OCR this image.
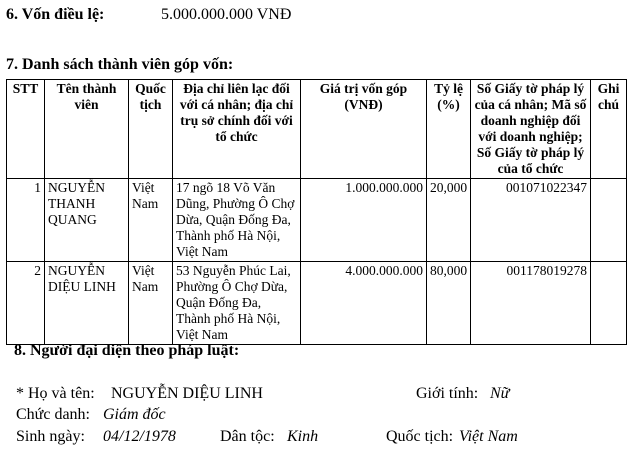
6. Vốn điều lệ:	5.000.000.000 VNĐ
7. Danh sách thành viên góp vốn:
STT	Tên thành viên	Quốc tịch	Địa chỉ liên lạc đối với cá nhân; địa chỉ trụ sở chính đối với tổ chức	Giá trị vốn góp (VNĐ)	Tỷ lệ (%)	Số Giấy tờ pháp lý của cá nhân; Mã số doanh nghiệp đối với doanh nghiệp; Số Giấy tờ pháp lý của tổ chức	Ghi chú
1	NGUYỄN THANH QUANG	Việt Nam	17 ngõ 18 Võ Văn Dũng, Phường Ô Chợ Dừa, Quận Đống Đa, Thành phố Hà Nội, Việt Nam	1.000.000.000	20,000	001071022347	
2	NGUYỄN DIỆU LINH	Việt Nam	53 Nguyễn Phúc Lai, Phường Ô Chợ Dừa, Quận Đống Đa, Thành phố Hà Nội, Việt Nam	4.000.000.000	80,000	001178019278	
8. Người đại diện theo pháp luật:
* Họ và tên: NGUYỄN DIỆU LINH	Giới tính: Nữ
Chức danh: Giám đốc
Sinh ngày: 04/12/1978	Dân tộc: Kinh	Quốc tịch: Việt Nam
